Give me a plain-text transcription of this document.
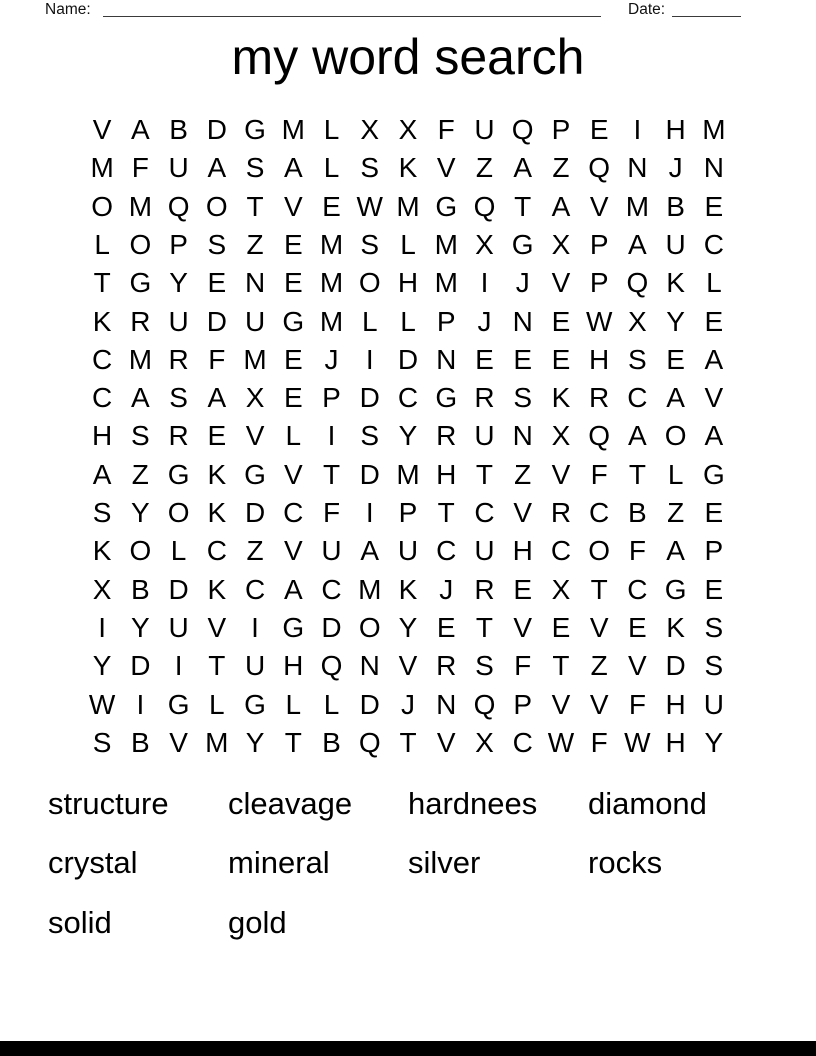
Name:	Date:
my word search
V A B D G M L X X F U Q P E I H M
M F U A S A L S K V Z A Z Q N J N
O M Q O T V E W M G Q T A V M B E
L O P S Z E M S L M X G X P A U C
T G Y E N E M O H M I J V P Q K L
K R U D U G M L L P J N E W X Y E
C M R F M E J I D N E E E H S E A
C A S A X E P D C G R S K R C A V
H S R E V L I S Y R U N X Q A O A
A Z G K G V T D M H T Z V F T L G
S Y O K D C F I P T C V R C B Z E
K O L C Z V U A U C U H C O F A P
X B D K C A C M K J R E X T C G E
I Y U V I G D O Y E T V E V E K S
Y D I T U H Q N V R S F T Z V D S
W I G L G L L D J N Q P V V F H U
S B V M Y T B Q T V X C W F W H Y
structure	cleavage	hardnees	diamond
crystal	mineral	silver	rocks
solid	gold
